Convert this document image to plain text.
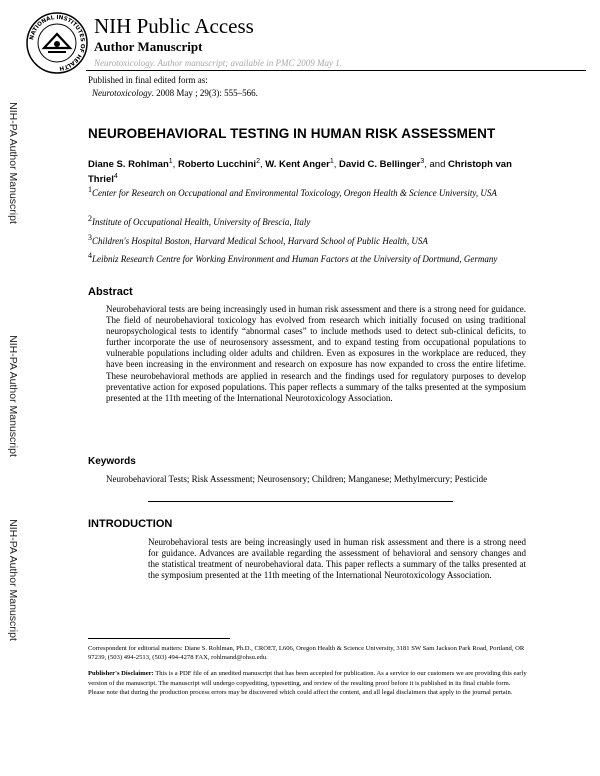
NATIONAL INSTITUTES OF HEALTH
NIH Public Access
Author Manuscript
Neurotoxicology. Author manuscript; available in PMC 2009 May 1.
Published in final edited form as:
Neurotoxicology. 2008 May ; 29(3): 555–566.
NIH-PA Author Manuscript
NIH-PA Author Manuscript
NIH-PA Author Manuscript
NEUROBEHAVIORAL TESTING IN HUMAN RISK ASSESSMENT
Diane S. Rohlman$^1$, Roberto Lucchini$^2$, W. Kent Anger$^1$, David C. Bellinger$^3$, and Christoph van Thriel$^4$
$^1$Center for Research on Occupational and Environmental Toxicology, Oregon Health & Science University, USA
$^2$Institute of Occupational Health, University of Brescia, Italy
$^3$Children's Hospital Boston, Harvard Medical School, Harvard School of Public Health, USA
$^4$Leibniz Research Centre for Working Environment and Human Factors at the University of Dortmund, Germany
Abstract
Neurobehavioral tests are being increasingly used in human risk assessment and there is a strong need for guidance. The field of neurobehavioral toxicology has evolved from research which initially focused on using traditional neuropsychological tests to identify “abnormal cases” to include methods used to detect sub-clinical deficits, to further incorporate the use of neurosensory assessment, and to expand testing from occupational populations to vulnerable populations including older adults and children. Even as exposures in the workplace are reduced, they have been increasing in the environment and research on exposure has now expanded to cross the entire lifetime. These neurobehavioral methods are applied in research and the findings used for regulatory purposes to develop preventative action for exposed populations. This paper reflects a summary of the talks presented at the symposium presented at the 11th meeting of the International Neurotoxicology Association.
Keywords
Neurobehavioral Tests; Risk Assessment; Neurosensory; Children; Manganese; Methylmercury; Pesticide
INTRODUCTION
Neurobehavioral tests are being increasingly used in human risk assessment and there is a strong need for guidance. Advances are available regarding the assessment of behavioral and sensory changes and the statistical treatment of neurobehavioral data. This paper reflects a summary of the talks presented at the symposium presented at the 11th meeting of the International Neurotoxicology Association.
Correspondent for editorial matters: Diane S. Rohlman, Ph.D., CROET, L606, Oregon Health & Science University, 3181 SW Sam Jackson Park Road, Portland, OR 97239, (503) 494-2513, (503) 494-4278 FAX, rohlmand@ohsu.edu.
Publisher's Disclaimer: This is a PDF file of an unedited manuscript that has been accepted for publication. As a service to our customers we are providing this early version of the manuscript. The manuscript will undergo copyediting, typesetting, and review of the resulting proof before it is published in its final citable form. Please note that during the production process errors may be discovered which could affect the content, and all legal disclaimers that apply to the journal pertain.
